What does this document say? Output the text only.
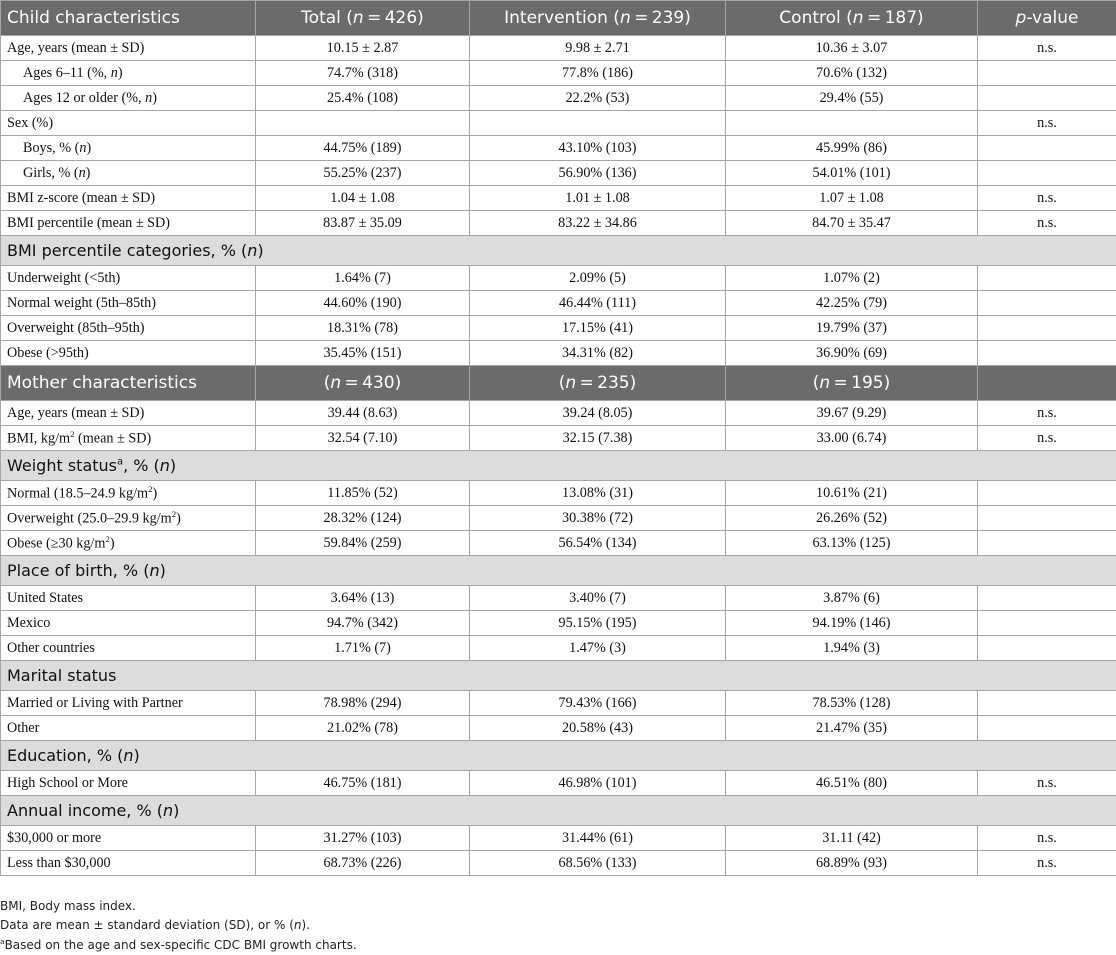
Child characteristics	Total (n = 426)	Intervention (n = 239)	Control (n = 187)	p-value
Age, years (mean ± SD)	10.15 ± 2.87	9.98 ± 2.71	10.36 ± 3.07	n.s.
Ages 6–11 (%, n)	74.7% (318)	77.8% (186)	70.6% (132)	
Ages 12 or older (%, n)	25.4% (108)	22.2% (53)	29.4% (55)	
Sex (%)				n.s.
Boys, % (n)	44.75% (189)	43.10% (103)	45.99% (86)	
Girls, % (n)	55.25% (237)	56.90% (136)	54.01% (101)	
BMI z-score (mean ± SD)	1.04 ± 1.08	1.01 ± 1.08	1.07 ± 1.08	n.s.
BMI percentile (mean ± SD)	83.87 ± 35.09	83.22 ± 34.86	84.70 ± 35.47	n.s.
BMI percentile categories, % (n)				
Underweight (<5th)	1.64% (7)	2.09% (5)	1.07% (2)	
Normal weight (5th–85th)	44.60% (190)	46.44% (111)	42.25% (79)	
Overweight (85th–95th)	18.31% (78)	17.15% (41)	19.79% (37)	
Obese (>95th)	35.45% (151)	34.31% (82)	36.90% (69)	
Mother characteristics	(n = 430)	(n = 235)	(n = 195)	
Age, years (mean ± SD)	39.44 (8.63)	39.24 (8.05)	39.67 (9.29)	n.s.
BMI, $kg/m^2$ (mean ± SD)	32.54 (7.10)	32.15 (7.38)	33.00 (6.74)	n.s.
Weight status$^a$, % (n)				
Normal (18.5–24.9 $kg/m^2$)	11.85% (52)	13.08% (31)	10.61% (21)	
Overweight (25.0–29.9 $kg/m^2$)	28.32% (124)	30.38% (72)	26.26% (52)	
Obese (≥30 $kg/m^2$)	59.84% (259)	56.54% (134)	63.13% (125)	
Place of birth, % (n)				
United States	3.64% (13)	3.40% (7)	3.87% (6)	
Mexico	94.7% (342)	95.15% (195)	94.19% (146)	
Other countries	1.71% (7)	1.47% (3)	1.94% (3)	
Marital status				
Married or Living with Partner	78.98% (294)	79.43% (166)	78.53% (128)	
Other	21.02% (78)	20.58% (43)	21.47% (35)	
Education, % (n)				
High School or More	46.75% (181)	46.98% (101)	46.51% (80)	n.s.
Annual income, % (n)				
$30,000 or more	31.27% (103)	31.44% (61)	31.11 (42)	n.s.
Less than $30,000	68.73% (226)	68.56% (133)	68.89% (93)	n.s.
BMI, Body mass index.
Data are mean ± standard deviation (SD), or % (n).
$^a$Based on the age and sex-specific CDC BMI growth charts.
